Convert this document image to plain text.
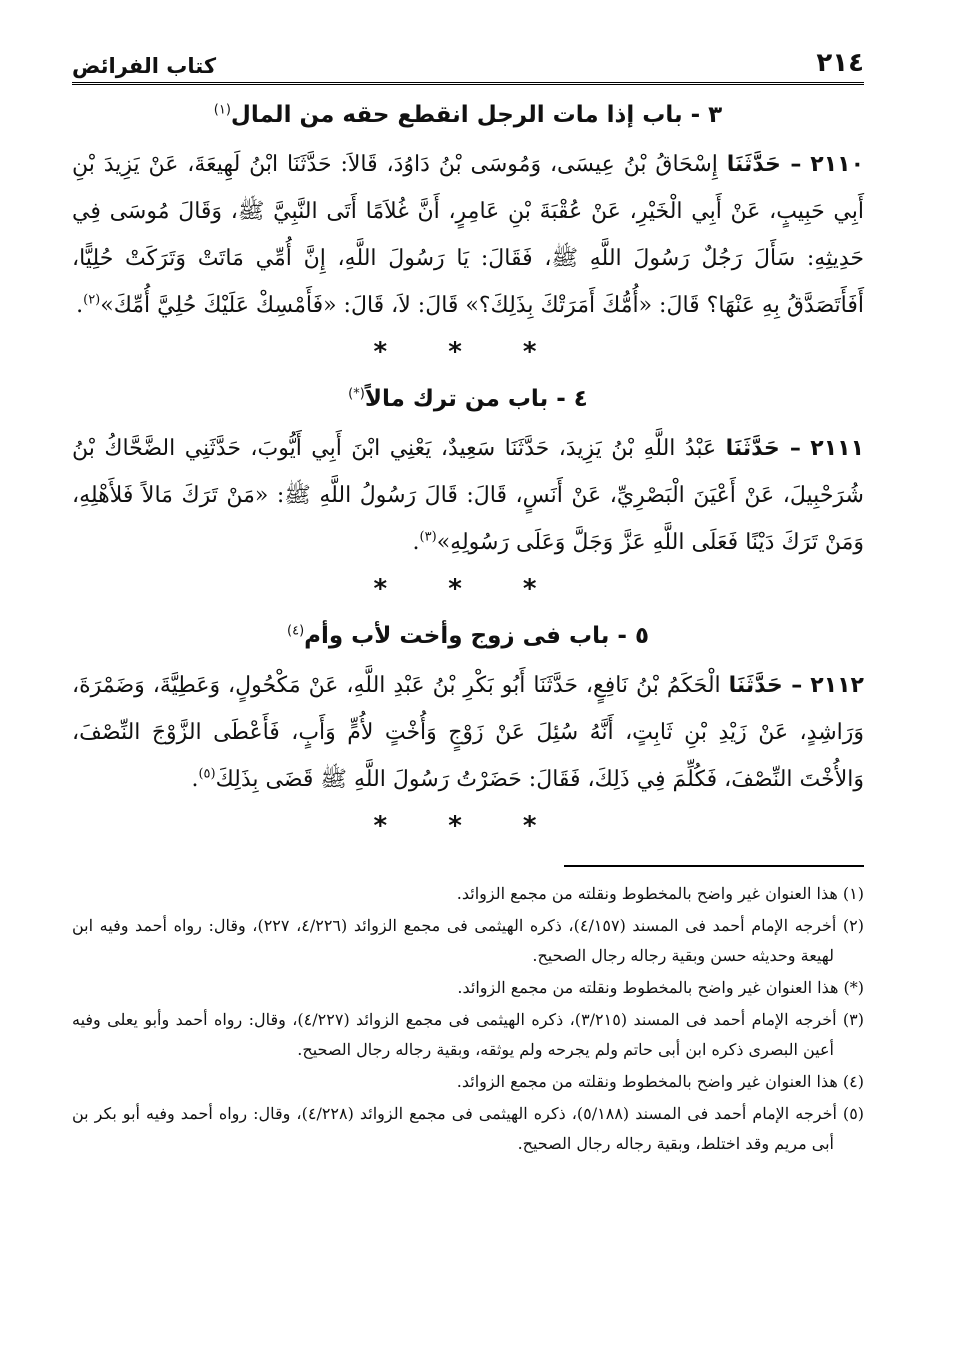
٢١٤
كتاب الفرائض
٣ - باب إذا مات الرجل انقطع حقه من المال$^{(١)}$

٢١١٠ – حَدَّثَنَا إِسْحَاقُ بْنُ عِيسَى، وَمُوسَى بْنُ دَاوُدَ، قَالاَ: حَدَّثَنَا ابْنُ لَهِيعَةَ، عَنْ يَزِيدَ بْنِ أَبِي حَبِيبٍ، عَنْ أَبِي الْخَيْرِ، عَنْ عُقْبَةَ بْنِ عَامِرٍ، أَنَّ غُلاَمًا أَتَى النَّبِيَّ ﷺ، وَقَالَ مُوسَى فِي حَدِيثِهِ: سَأَلَ رَجُلٌ رَسُولَ اللَّهِ ﷺ، فَقَالَ: يَا رَسُولَ اللَّهِ، إِنَّ أُمِّي مَاتَتْ وَتَرَكَتْ حُلِيًّا، أَفَأَتَصَدَّقُ بِهِ عَنْهَا؟ قَالَ: «أُمُّكَ أَمَرَتْكَ بِذَلِكَ؟» قَالَ: لاَ، قَالَ: «فَأَمْسِكْ عَلَيْكَ حُلِيَّ أُمِّكَ»$^{(٢)}$.

* * *
٤ - باب من ترك مالاً(*)

٢١١١ – حَدَّثَنَا عَبْدُ اللَّهِ بْنُ يَزِيدَ، حَدَّثَنَا سَعِيدٌ، يَعْنِي ابْنَ أَبِي أَيُّوبَ، حَدَّثَنِي الضَّحَّاكُ بْنُ شُرَحْبِيلَ، عَنْ أَعْيَنَ الْبَصْرِيِّ، عَنْ أَنَسٍ، قَالَ: قَالَ رَسُولُ اللَّهِ ﷺ: «مَنْ تَرَكَ مَالاً فَلأَهْلِهِ، وَمَنْ تَرَكَ دَيْنًا فَعَلَى اللَّهِ عَزَّ وَجَلَّ وَعَلَى رَسُولِهِ»$^{(٣)}$.

* * *
٥ - باب فى زوج وأخت لأب وأم$^{(٤)}$

٢١١٢ – حَدَّثَنَا الْحَكَمُ بْنُ نَافِعٍ، حَدَّثَنَا أَبُو بَكْرِ بْنُ عَبْدِ اللَّهِ، عَنْ مَكْحُولٍ، وَعَطِيَّةَ، وَضَمْرَةَ، وَرَاشِدٍ، عَنْ زَيْدِ بْنِ ثَابِتٍ، أَنَّهُ سُئِلَ عَنْ زَوْجٍ وَأُخْتٍ لأُمٍّ وَأَبٍ، فَأَعْطَى الزَّوْجَ النِّصْفَ، وَالأُخْتَ النِّصْفَ، فَكُلِّمَ فِي ذَلِكَ، فَقَالَ: حَضَرْتُ رَسُولَ اللَّهِ ﷺ قَضَى بِذَلِكَ$^{(٥)}$.

* * *

(١) هذا العنوان غير واضح بالمخطوط ونقلته من مجمع الزوائد.

(٢) أخرجه الإمام أحمد فى المسند (٤/١٥٧)، ذكره الهيثمى فى مجمع الزوائد (٤/٢٢٦، ٢٢٧)، وقال: رواه أحمد وفيه ابن لهيعة وحديثه حسن وبقية رجاله رجال الصحيح.

(*) هذا العنوان غير واضح بالمخطوط ونقلته من مجمع الزوائد.

(٣) أخرجه الإمام أحمد فى المسند (٣/٢١٥)، ذكره الهيثمى فى مجمع الزوائد (٤/٢٢٧)، وقال: رواه أحمد وأبو يعلى وفيه أعين البصرى ذكره ابن أبى حاتم ولم يجرحه ولم يوثقه، وبقية رجاله رجال الصحيح.

(٤) هذا العنوان غير واضح بالمخطوط ونقلته من مجمع الزوائد.

(٥) أخرجه الإمام أحمد فى المسند (٥/١٨٨)، ذكره الهيثمى فى مجمع الزوائد (٤/٢٢٨)، وقال: رواه أحمد وفيه أبو بكر بن أبى مريم وقد اختلط، وبقية رجاله رجال الصحيح.
